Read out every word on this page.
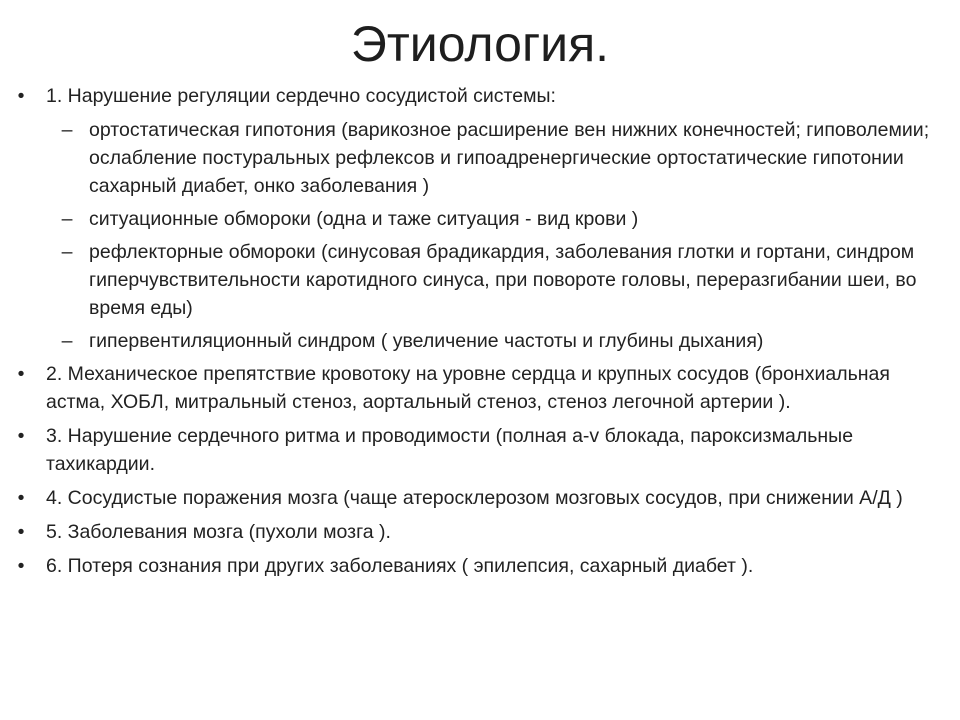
Этиология.
•	1. Нарушение регуляции сердечно сосудистой системы:
– ортостатическая гипотония (варикозное расширение вен нижних конечностей; гиповолемии; ослабление постуральных рефлексов и гипоадренергические ортостатические гипотонии сахарный диабет, онко заболевания )
– ситуационные обмороки (одна и таже ситуация - вид крови )
– рефлекторные обмороки (синусовая брадикардия, заболевания глотки и гортани, синдром гиперчувствительности каротидного синуса, при повороте головы, переразгибании шеи, во время еды)
– гипервентиляционный синдром ( увеличение частоты и глубины дыхания)
•	2. Механическое препятствие кровотоку на уровне сердца и крупных сосудов (бронхиальная астма, ХОБЛ, митральный стеноз, аортальный стеноз, стеноз легочной артерии ).
•	3. Нарушение сердечного ритма и проводимости (полная a-v блокада, пароксизмальные тахикардии.
•	4. Сосудистые поражения мозга (чаще атеросклерозом мозговых сосудов, при снижении А/Д )
•	5. Заболевания мозга (пухоли мозга ).
•	6. Потеря сознания при других заболеваниях ( эпилепсия, сахарный диабет ).
